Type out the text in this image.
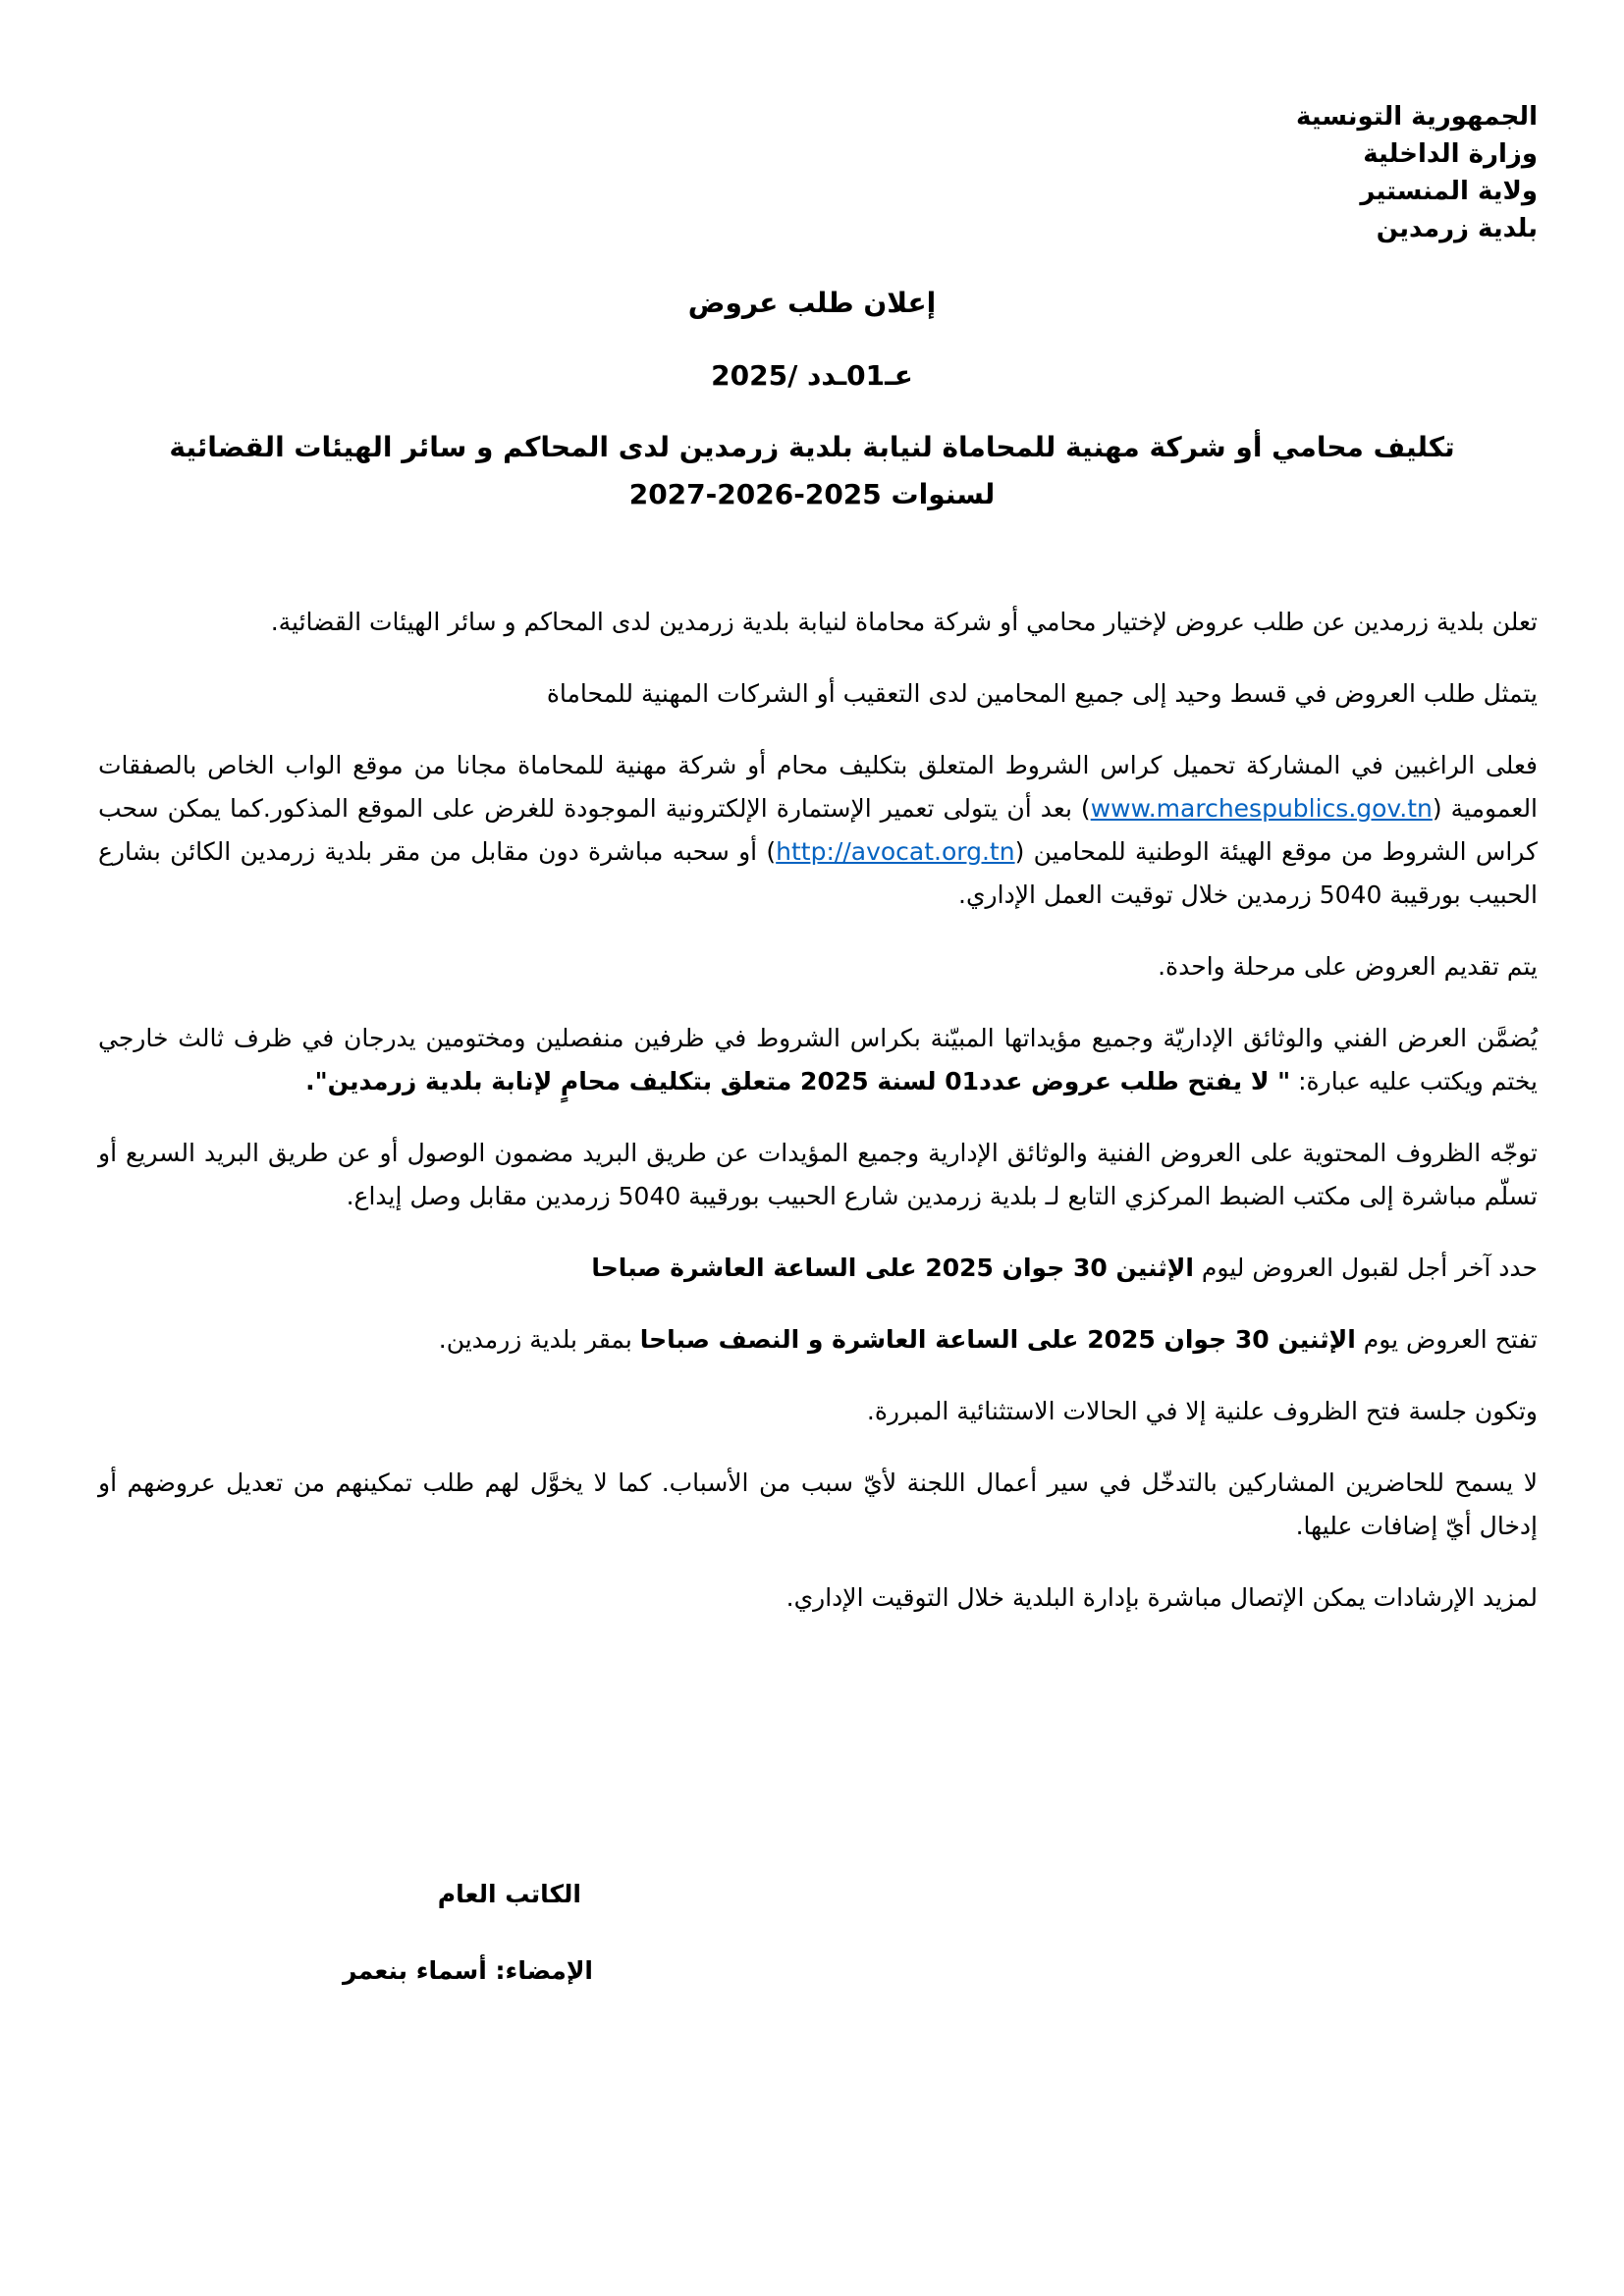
الجمهورية التونسية
وزارة الداخلية
ولاية المنستير
بلدية زرمدين
إعلان طلب عروض
عـ01ـدد /2025
تكليف محامي أو شركة مهنية للمحاماة لنيابة بلدية زرمدين لدى المحاكم و سائر الهيئات القضائية لسنوات 2025-2026-2027

تعلن بلدية زرمدين عن طلب عروض لإختيار محامي أو شركة محاماة لنيابة بلدية زرمدين لدى المحاكم و سائر الهيئات القضائية.

يتمثل طلب العروض في قسط وحيد إلى جميع المحامين لدى التعقيب أو الشركات المهنية للمحاماة

فعلى الراغبين في المشاركة تحميل كراس الشروط المتعلق بتكليف محام أو شركة مهنية للمحاماة مجانا من موقع الواب الخاص بالصفقات العمومية (www.marchespublics.gov.tn) بعد أن يتولى تعمير الإستمارة الإلكترونية الموجودة للغرض على الموقع المذكور.كما يمكن سحب كراس الشروط من موقع الهيئة الوطنية للمحامين (http://avocat.org.tn) أو سحبه مباشرة دون مقابل من مقر بلدية زرمدين الكائن بشارع الحبيب بورقيبة 5040 زرمدين خلال توقيت العمل الإداري.

يتم تقديم العروض على مرحلة واحدة.

يُضمَّن العرض الفني والوثائق الإداريّة وجميع مؤيداتها المبيّنة بكراس الشروط في ظرفين منفصلين ومختومين يدرجان في ظرف ثالث خارجي يختم ويكتب عليه عبارة: " لا يفتح طلب عروض عدد01 لسنة 2025 متعلق بتكليف محامٍ لإنابة بلدية زرمدين".

توجّه الظروف المحتوية على العروض الفنية والوثائق الإدارية وجميع المؤيدات عن طريق البريد مضمون الوصول أو عن طريق البريد السريع أو تسلّم مباشرة إلى مكتب الضبط المركزي التابع لـ بلدية زرمدين شارع الحبيب بورقيبة 5040 زرمدين مقابل وصل إيداع.

حدد آخر أجل لقبول العروض ليوم الإثنين 30 جوان 2025 على الساعة العاشرة صباحا

تفتح العروض يوم الإثنين 30 جوان 2025 على الساعة العاشرة و النصف صباحا بمقر بلدية زرمدين.

وتكون جلسة فتح الظروف علنية إلا في الحالات الاستثنائية المبررة.

لا يسمح للحاضرين المشاركين بالتدخّل في سير أعمال اللجنة لأيّ سبب من الأسباب. كما لا يخوَّل لهم طلب تمكينهم من تعديل عروضهم أو إدخال أيّ إضافات عليها.

لمزيد الإرشادات يمكن الإتصال مباشرة بإدارة البلدية خلال التوقيت الإداري.

الكاتب العام
الإمضاء: أسماء بنعمر
